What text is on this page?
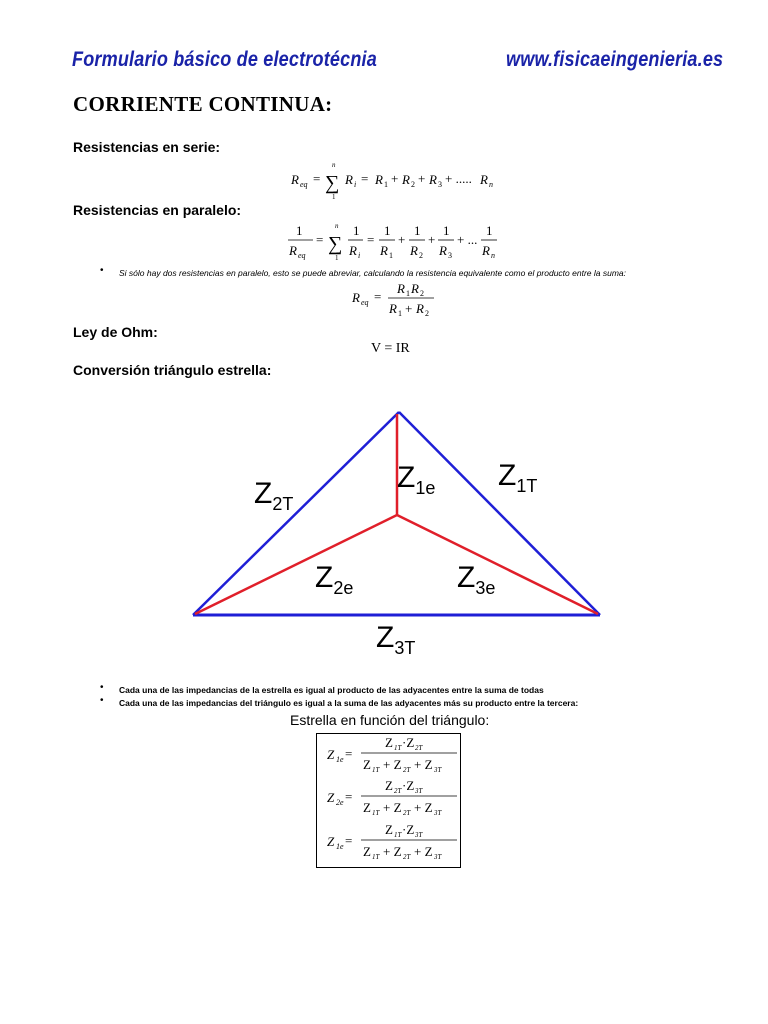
Formulario básico de electrotécnia	www.fisicaeingenieria.es
CORRIENTE CONTINUA:
Resistencias en serie:
R eq = ∑
n
1
R i = R 1 + R 2 + R 3 + ..... R n
Resistencias en paralelo:
1
R eq
= ∑
n
1
1
R i
=
1
R 1
+
1
R 2
+
1
R 3
+ ...
1
R n
• Si sólo hay dos resistencias en paralelo, esto se puede abreviar, calculando la resistencia equivalente como el producto entre la suma:
R eq =
R 1 R 2
R 1 + R 2
Ley de Ohm:
V = IR
Conversión triángulo estrella:
$Z_{1e}$ $Z_{1T}$
$Z_{2T}$
$Z_{2e}$	$Z_{3e}$
$Z_{3T}$
• Cada una de las impedancias de la estrella es igual al producto de las adyacentes entre la suma de todas
• Cada una de las impedancias del triángulo es igual a la suma de las adyacentes más su producto entre la tercera:
Estrella en función del triángulo:
Z 1e =
Z 1T ·Z 2T
Z 1T + Z 2T + Z 3T
Z 2e =
Z 2T ·Z 3T
Z 1T + Z 2T + Z 3T
Z 1e =
Z 1T ·Z 3T
Z 1T + Z 2T + Z 3T
